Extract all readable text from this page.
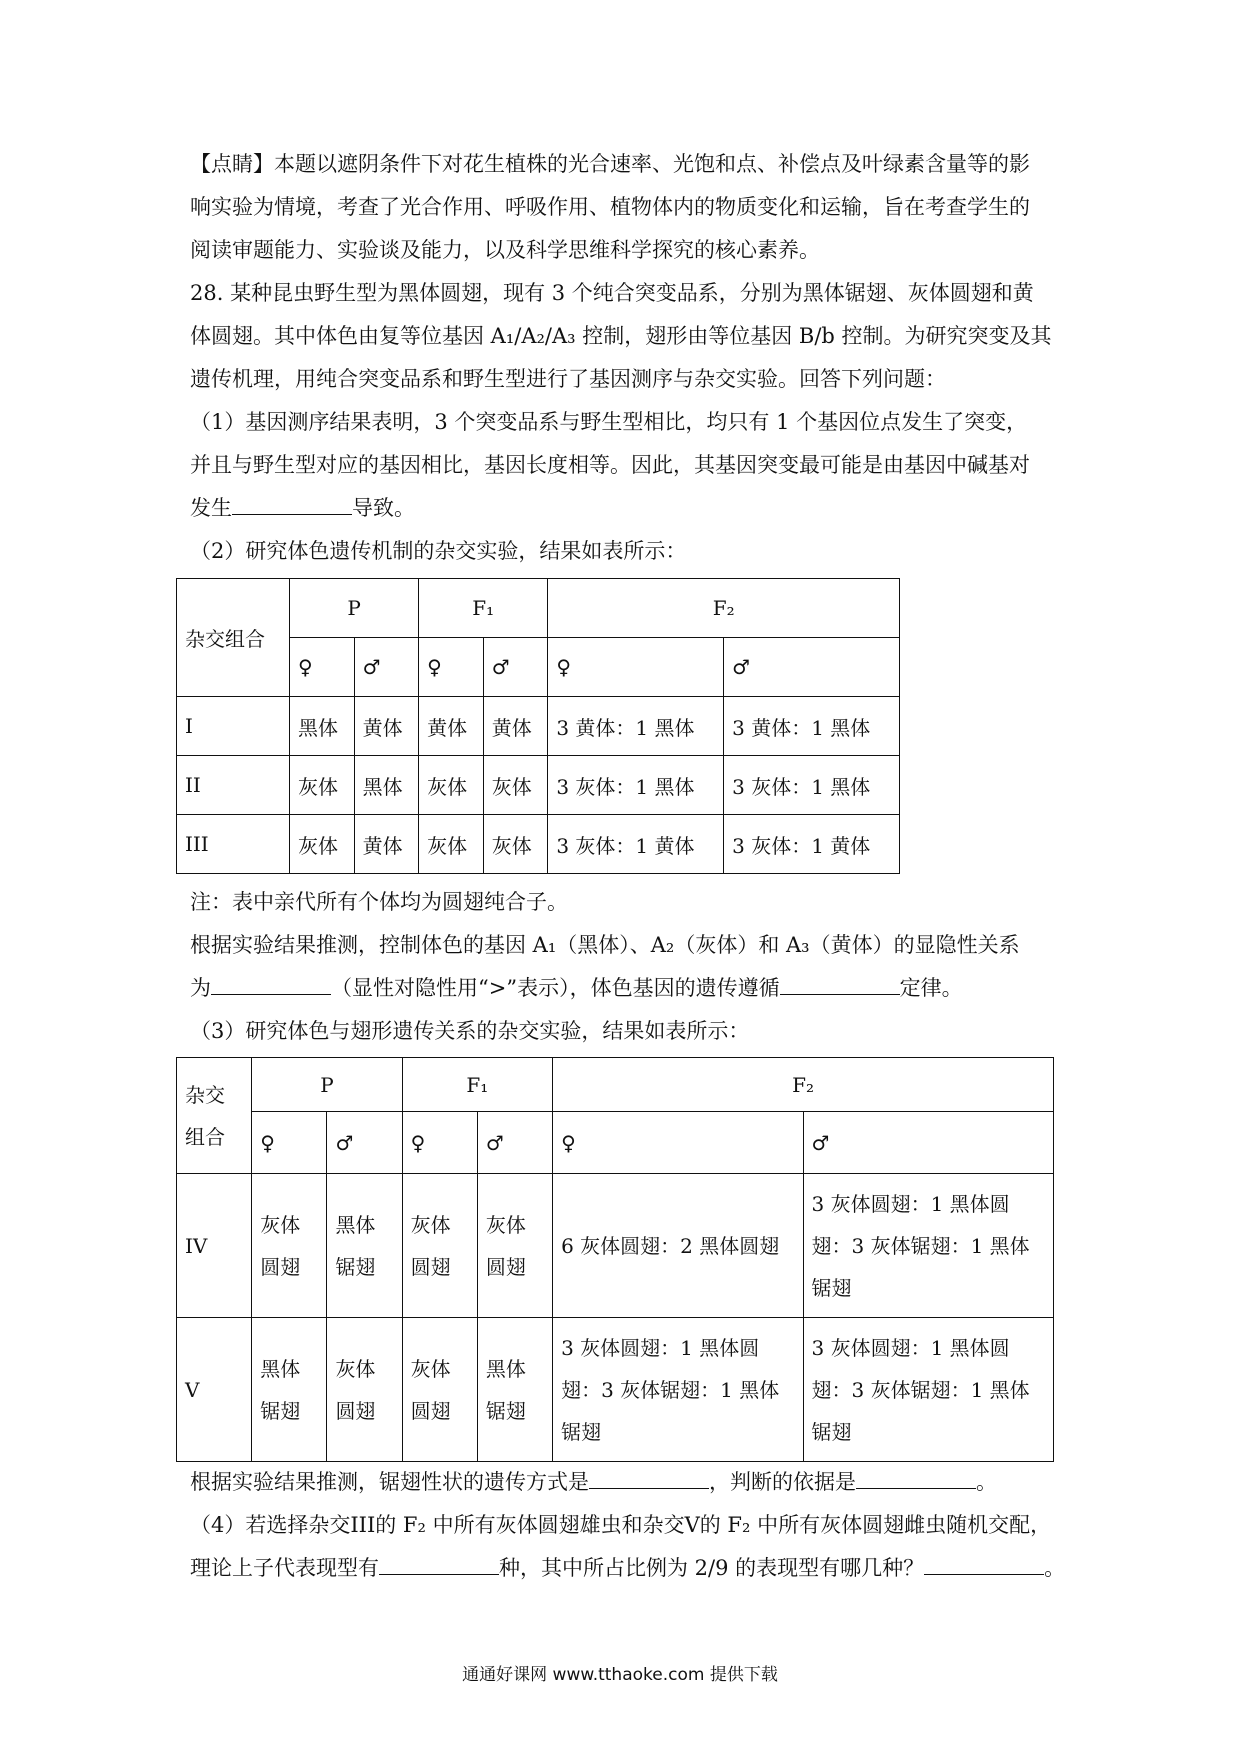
【点睛】本题以遮阴条件下对花生植株的光合速率、光饱和点、补偿点及叶绿素含量等的影
响实验为情境，考查了光合作用、呼吸作用、植物体内的物质变化和运输，旨在考查学生的
阅读审题能力、实验谈及能力，以及科学思维科学探究的核心素养。
28. 某种昆虫野生型为黑体圆翅，现有 3 个纯合突变品系，分别为黑体锯翅、灰体圆翅和黄
体圆翅。其中体色由复等位基因 A₁/A₂/A₃ 控制，翅形由等位基因 B/b 控制。为研究突变及其
遗传机理，用纯合突变品系和野生型进行了基因测序与杂交实验。回答下列问题：
（1）基因测序结果表明，3 个突变品系与野生型相比，均只有 1 个基因位点发生了突变，
并且与野生型对应的基因相比，基因长度相等。因此，其基因突变最可能是由基因中碱基对
发生	导致。
（2）研究体色遗传机制的杂交实验，结果如表所示：
杂交组合	P		F₁		F₂	
	♀	♂	♀	♂	♀	♂
I	黑体	黄体	黄体	黄体	3 黄体：1 黑体	3 黄体：1 黑体
II	灰体	黑体	灰体	灰体	3 灰体：1 黑体	3 灰体：1 黑体
III	灰体	黄体	灰体	灰体	3 灰体：1 黄体	3 灰体：1 黄体
注：表中亲代所有个体均为圆翅纯合子。
根据实验结果推测，控制体色的基因 A₁（黑体）、A₂（灰体）和 A₃（黄体）的显隐性关系
为	（显性对隐性用“>”表示），体色基因的遗传遵循	定律。
（3）研究体色与翅形遗传关系的杂交实验，结果如表所示：
杂交组合	P		F₁		F₂	
	♀	♂	♀	♂	♀	♂
IV	灰体圆翅	黑体锯翅	灰体圆翅	灰体圆翅	6 灰体圆翅：2 黑体圆翅	3 灰体圆翅：1 黑体圆翅：3 灰体锯翅：1 黑体锯翅
V	黑体锯翅	灰体圆翅	灰体圆翅	黑体锯翅	3 灰体圆翅：1 黑体圆翅：3 灰体锯翅：1 黑体锯翅	3 灰体圆翅：1 黑体圆翅：3 灰体锯翅：1 黑体锯翅
根据实验结果推测，锯翅性状的遗传方式是	，判断的依据是	。
（4）若选择杂交III的 F₂ 中所有灰体圆翅雄虫和杂交V的 F₂ 中所有灰体圆翅雌虫随机交配，
理论上子代表现型有	种，其中所占比例为 2/9 的表现型有哪几种？	。
通通好课网 www.tthaoke.com 提供下载
